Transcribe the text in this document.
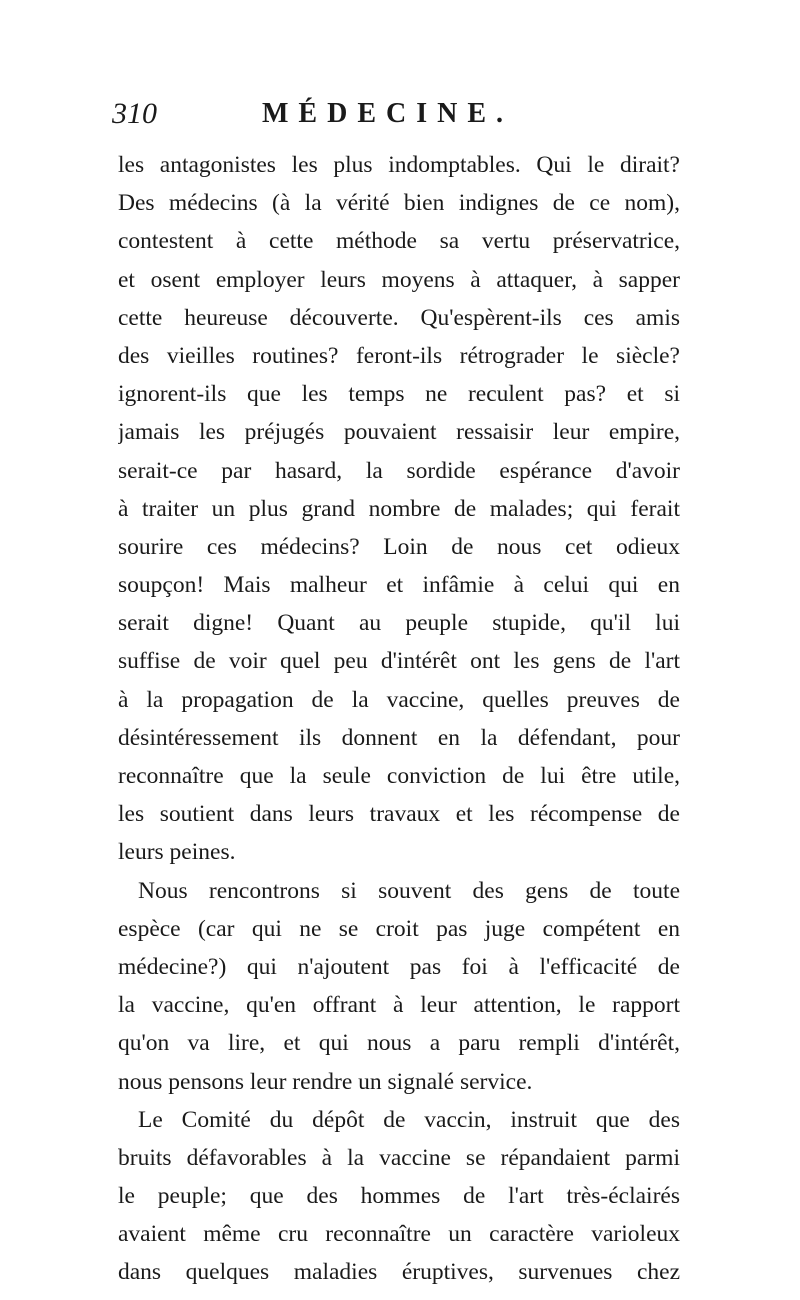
310	MÉDECINE.
les antagonistes les plus indomptables. Qui le dirait?
Des médecins (à la vérité bien indignes de ce nom),
contestent à cette méthode sa vertu préservatrice,
et osent employer leurs moyens à attaquer, à sapper
cette heureuse découverte. Qu'espèrent-ils ces amis
des vieilles routines? feront-ils rétrograder le siècle?
ignorent-ils que les temps ne reculent pas? et si
jamais les préjugés pouvaient ressaisir leur empire,
serait-ce par hasard, la sordide espérance d'avoir
à traiter un plus grand nombre de malades; qui ferait
sourire ces médecins? Loin de nous cet odieux
soupçon! Mais malheur et infâmie à celui qui en
serait digne! Quant au peuple stupide, qu'il lui
suffise de voir quel peu d'intérêt ont les gens de l'art
à la propagation de la vaccine, quelles preuves de
désintéressement ils donnent en la défendant, pour
reconnaître que la seule conviction de lui être utile,
les soutient dans leurs travaux et les récompense de
leurs peines.
Nous rencontrons si souvent des gens de toute
espèce (car qui ne se croit pas juge compétent en
médecine?) qui n'ajoutent pas foi à l'efficacité de
la vaccine, qu'en offrant à leur attention, le rapport
qu'on va lire, et qui nous a paru rempli d'intérêt,
nous pensons leur rendre un signalé service.
Le Comité du dépôt de vaccin, instruit que des
bruits défavorables à la vaccine se répandaient parmi
le peuple; que des hommes de l'art très-éclairés
avaient même cru reconnaître un caractère varioleux
dans quelques maladies éruptives, survenues chez
